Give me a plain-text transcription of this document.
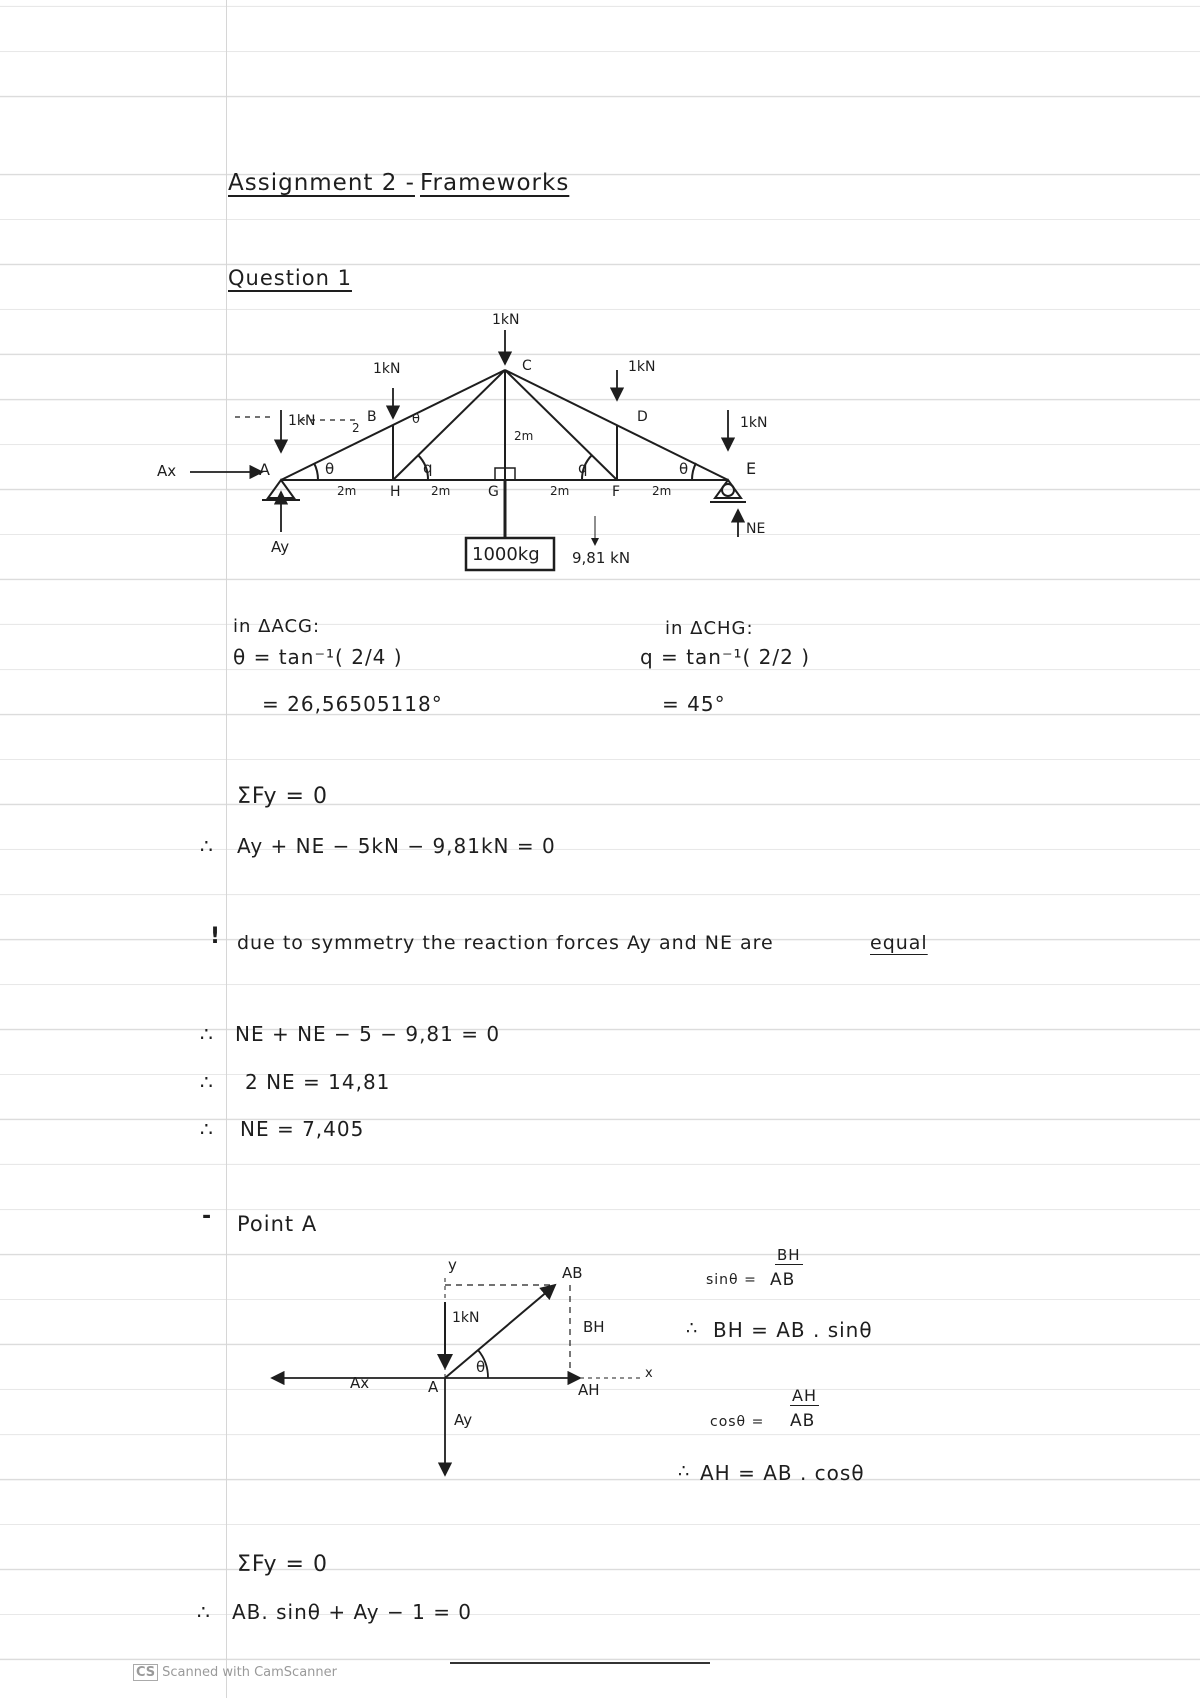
Assignment 2 - Frameworks
Question 1
1kN
1kN
1kN
1kN
1kN
A
B
C
D
E
H	G	F
θ
θ
θ
q	q
2m	2m	2m	2m
2m
2
Ax
Ay
NE
1000kg 9,81 kN
in ΔACG:
θ = tan⁻¹( 2/4 )
= 26,56505118°
in ΔCHG:
q = tan⁻¹( 2/2 )
= 45°
ΣFy = 0
∴ Ay + NE − 5kN − 9,81kN = 0
! due to symmetry the reaction forces Ay and NE are	equal
∴ NE + NE − 5 − 9,81 = 0
∴ 2 NE = 14,81
∴ NE = 7,405
- Point A
y
x
AB
BH
1kN
Ax	A	AH
Ay
θ
sinθ =
BH
AB
∴ BH = AB . sinθ
cosθ =
AH
AB
∴ AH = AB . cosθ
ΣFy = 0
∴ AB. sinθ + Ay − 1 = 0
CS Scanned with CamScanner
